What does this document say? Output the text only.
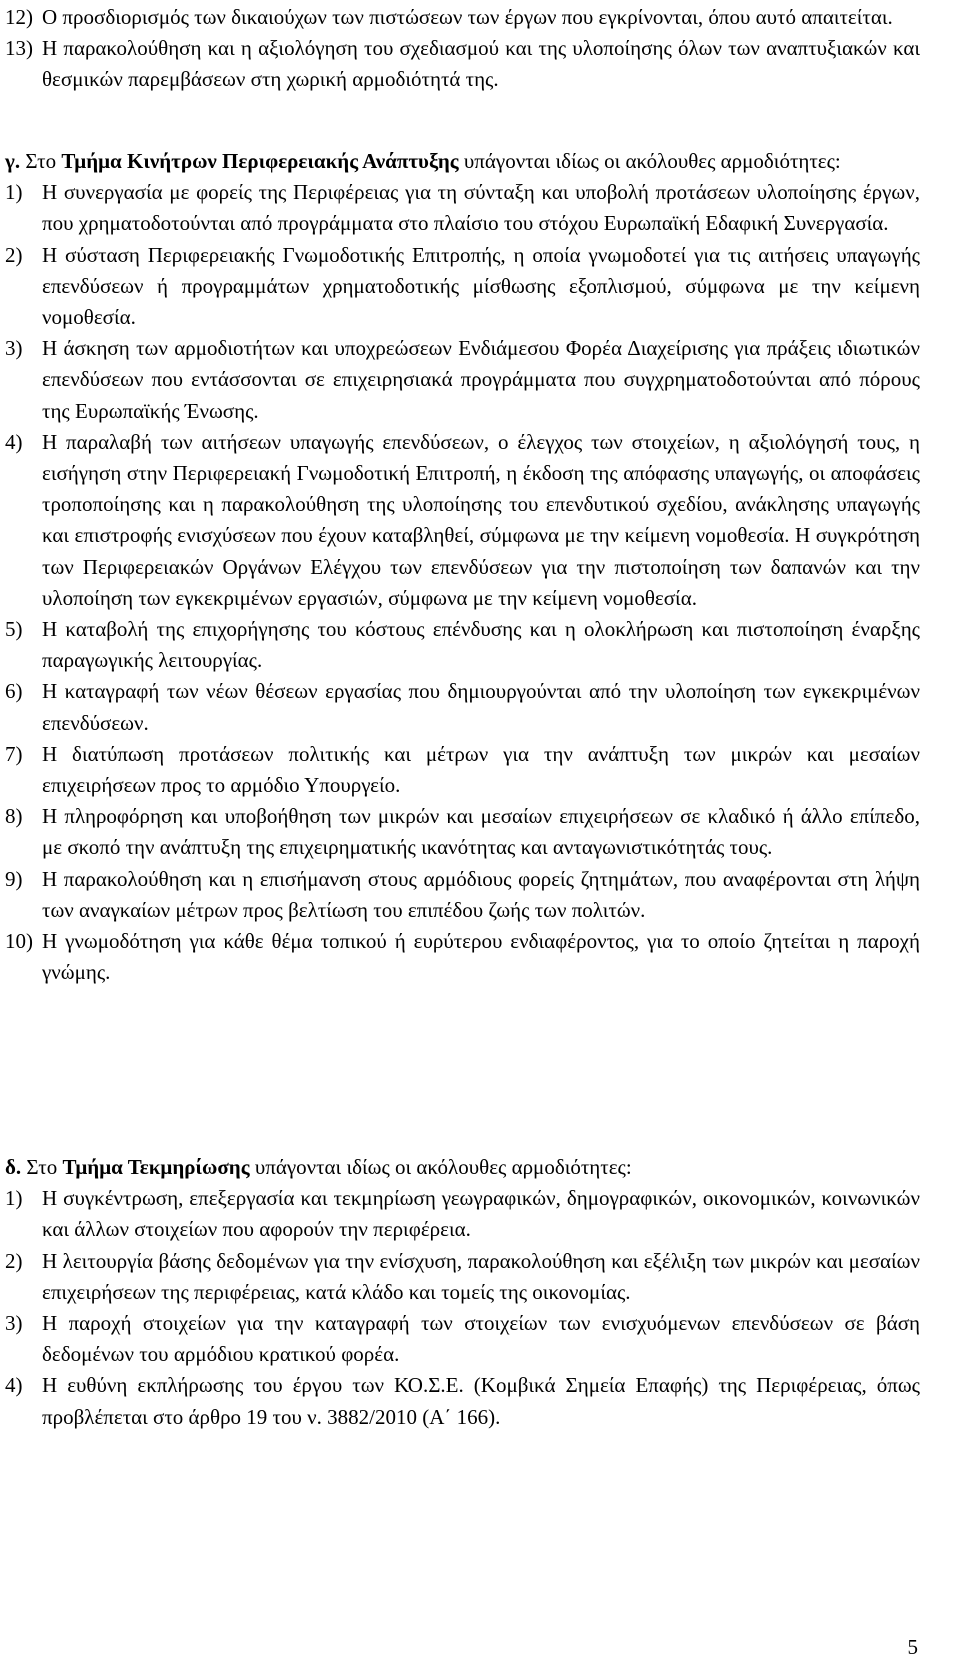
12) Ο προσδιορισμός των δικαιούχων των πιστώσεων των έργων που εγκρίνονται, όπου αυτό απαιτείται.

13) Η παρακολούθηση και η αξιολόγηση του σχεδιασμού και της υλοποίησης όλων των αναπτυξιακών και θεσμικών παρεμβάσεων στη χωρική αρμοδιότητά της.

γ. Στο Τμήμα Κινήτρων Περιφερειακής Ανάπτυξης υπάγονται ιδίως οι ακόλουθες αρμοδιότητες:

1) Η συνεργασία με φορείς της Περιφέρειας για τη σύνταξη και υποβολή προτάσεων υλοποίησης έργων, που χρηματοδοτούνται από προγράμματα στο πλαίσιο του στόχου Ευρωπαϊκή Εδαφική Συνεργασία.

2) Η σύσταση Περιφερειακής Γνωμοδοτικής Επιτροπής, η οποία γνωμοδοτεί για τις αιτήσεις υπαγωγής επενδύσεων ή προγραμμάτων χρηματοδοτικής μίσθωσης εξοπλισμού, σύμφωνα με την κείμενη νομοθεσία.

3) Η άσκηση των αρμοδιοτήτων και υποχρεώσεων Ενδιάμεσου Φορέα Διαχείρισης για πράξεις ιδιωτικών επενδύσεων που εντάσσονται σε επιχειρησιακά προγράμματα που συγχρηματοδοτούνται από πόρους της Ευρωπαϊκής Ένωσης.

4) Η παραλαβή των αιτήσεων υπαγωγής επενδύσεων, ο έλεγχος των στοιχείων, η αξιολόγησή τους, η εισήγηση στην Περιφερειακή Γνωμοδοτική Επιτροπή, η έκδοση της απόφασης υπαγωγής, οι αποφάσεις τροποποίησης και η παρακολούθηση της υλοποίησης του επενδυτικού σχεδίου, ανάκλησης υπαγωγής και επιστροφής ενισχύσεων που έχουν καταβληθεί, σύμφωνα με την κείμενη νομοθεσία. Η συγκρότηση των Περιφερειακών Οργάνων Ελέγχου των επενδύσεων για την πιστοποίηση των δαπανών και την υλοποίηση των εγκεκριμένων εργασιών, σύμφωνα με την κείμενη νομοθεσία.

5) Η καταβολή της επιχορήγησης του κόστους επένδυσης και η ολοκλήρωση και πιστοποίηση έναρξης παραγωγικής λειτουργίας.

6) Η καταγραφή των νέων θέσεων εργασίας που δημιουργούνται από την υλοποίηση των εγκεκριμένων επενδύσεων.

7) Η διατύπωση προτάσεων πολιτικής και μέτρων για την ανάπτυξη των μικρών και μεσαίων επιχειρήσεων προς το αρμόδιο Υπουργείο.

8) Η πληροφόρηση και υποβοήθηση των μικρών και μεσαίων επιχειρήσεων σε κλαδικό ή άλλο επίπεδο, με σκοπό την ανάπτυξη της επιχειρηματικής ικανότητας και ανταγωνιστικότητάς τους.

9) Η παρακολούθηση και η επισήμανση στους αρμόδιους φορείς ζητημάτων, που αναφέρονται στη λήψη των αναγκαίων μέτρων προς βελτίωση του επιπέδου ζωής των πολιτών.

10) Η γνωμοδότηση για κάθε θέμα τοπικού ή ευρύτερου ενδιαφέροντος, για το οποίο ζητείται η παροχή γνώμης.

δ. Στο Τμήμα Τεκμηρίωσης υπάγονται ιδίως οι ακόλουθες αρμοδιότητες:

1) Η συγκέντρωση, επεξεργασία και τεκμηρίωση γεωγραφικών, δημογραφικών, οικονομικών, κοινωνικών και άλλων στοιχείων που αφορούν την περιφέρεια.

2) Η λειτουργία βάσης δεδομένων για την ενίσχυση, παρακολούθηση και εξέλιξη των μικρών και μεσαίων επιχειρήσεων της περιφέρειας, κατά κλάδο και τομείς της οικονομίας.

3) Η παροχή στοιχείων για την καταγραφή των στοιχείων των ενισχυόμενων επενδύσεων σε βάση δεδομένων του αρμόδιου κρατικού φορέα.

4) Η ευθύνη εκπλήρωσης του έργου των ΚΟ.Σ.Ε. (Κομβικά Σημεία Επαφής) της Περιφέρειας, όπως προβλέπεται στο άρθρο 19 του ν. 3882/2010 (Α΄ 166).

5
